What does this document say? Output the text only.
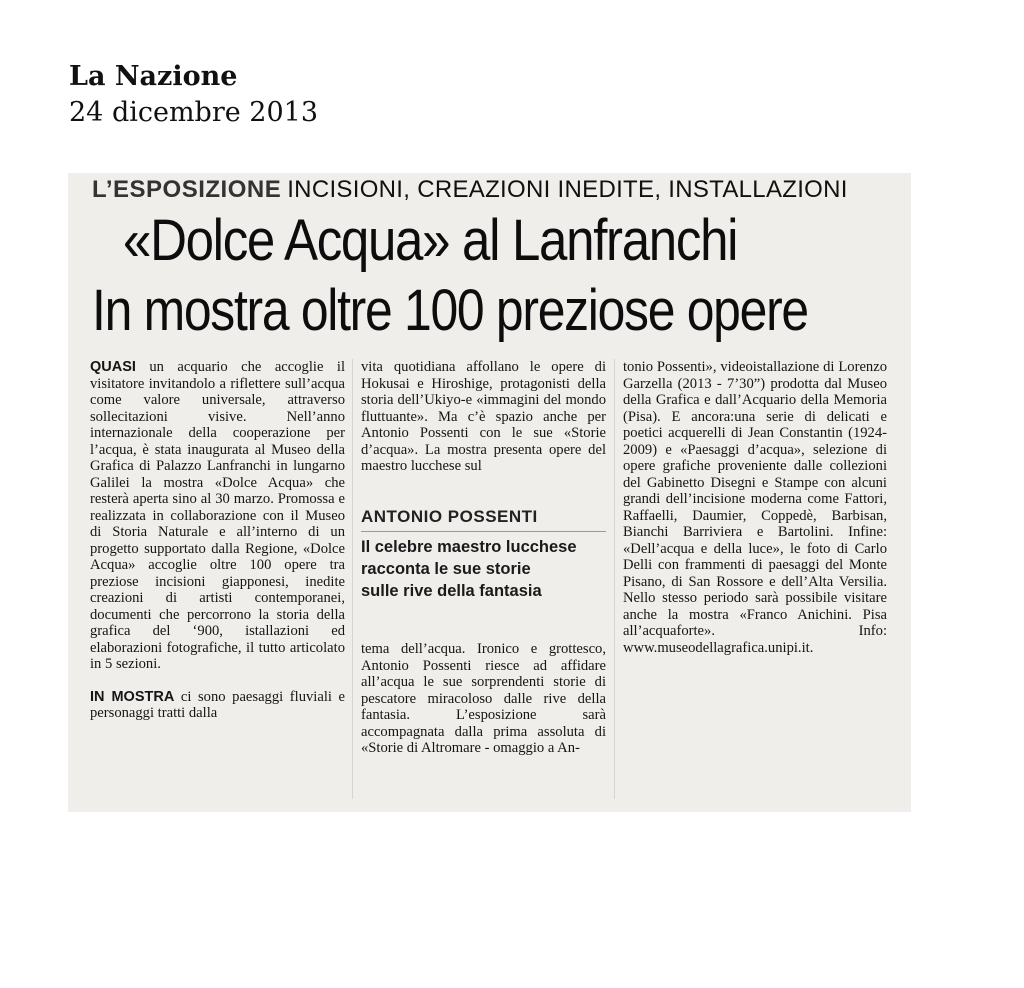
La Nazione
24 dicembre 2013
L’ESPOSIZIONE INCISIONI, CREAZIONI INEDITE, INSTALLAZIONI
«Dolce Acqua» al Lanfranchi
In mostra oltre 100 preziose opere

QUASI un acquario che accoglie il visitatore invitandolo a riflettere sull’acqua come valore universale, attraverso sollecitazioni visive. Nell’anno internazionale della cooperazione per l’acqua, è stata inaugurata al Museo della Grafica di Palazzo Lanfranchi in lungarno Galilei la mostra «Dolce Acqua» che resterà aperta sino al 30 marzo. Promossa e realizzata in collaborazione con il Museo di Storia Naturale e all’interno di un progetto supportato dalla Regione, «Dolce Acqua» accoglie oltre 100 opere tra preziose incisioni giapponesi, inedite creazioni di artisti contemporanei, documenti che percorrono la storia della grafica del ‘900, istallazioni ed elaborazioni fotografiche, il tutto articolato in 5 sezioni.

IN MOSTRA ci sono paesaggi fluviali e personaggi tratti dalla

vita quotidiana affollano le opere di Hokusai e Hiroshige, protagonisti della storia dell’Ukiyo-e «immagini del mondo fluttuante». Ma c’è spazio anche per Antonio Possenti con le sue «Storie d’acqua». La mostra presenta opere del maestro lucchese sul

ANTONIO POSSENTI
Il celebre maestro lucchese
racconta le sue storie
sulle rive della fantasia

tema dell’acqua. Ironico e grottesco, Antonio Possenti riesce ad affidare all’acqua le sue sorprendenti storie di pescatore miracoloso dalle rive della fantasia. L’esposizione sarà accompagnata dalla prima assoluta di «Storie di Altromare - omaggio a An-

tonio Possenti», videoistallazione di Lorenzo Garzella (2013 - 7’30”) prodotta dal Museo della Grafica e dall’Acquario della Memoria (Pisa). E ancora:una serie di delicati e poetici acquerelli di Jean Constantin (1924-2009) e «Paesaggi d’acqua», selezione di opere grafiche proveniente dalle collezioni del Gabinetto Disegni e Stampe con alcuni grandi dell’incisione moderna come Fattori, Raffaelli, Daumier, Coppedè, Barbisan, Bianchi Barriviera e Bartolini. Infine: «Dell’acqua e della luce», le foto di Carlo Delli con frammenti di paesaggi del Monte Pisano, di San Rossore e dell’Alta Versilia. Nello stesso periodo sarà possibile visitare anche la mostra «Franco Anichini. Pisa all’acquaforte». Info: www.museodellagrafica.unipi.it.
